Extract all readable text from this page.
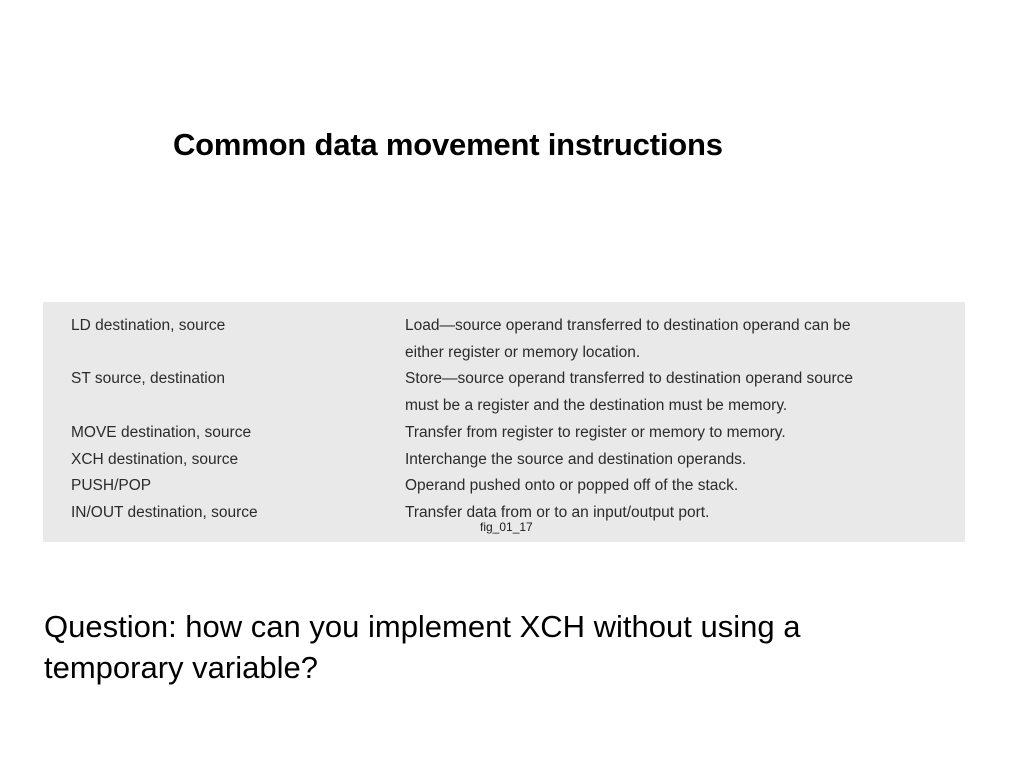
Common data movement instructions
LD destination, source	Load—source operand transferred to destination operand can be
either register or memory location.
ST source, destination	Store—source operand transferred to destination operand source
must be a register and the destination must be memory.
MOVE destination, source	Transfer from register to register or memory to memory.
XCH destination, source	Interchange the source and destination operands.
PUSH/POP	Operand pushed onto or popped off of the stack.
IN/OUT destination, source	Transfer data from or to an input/output port.
fig_01_17
Question: how can you implement XCH without using a temporary variable?
